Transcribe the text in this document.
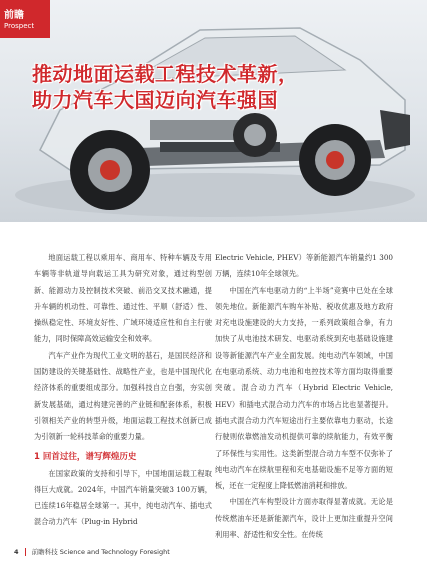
前瞻
Prospect
推动地面运载工程技术革新，
助力汽车大国迈向汽车强国

地面运载工程以乘用车、商用车、特种车辆及专用车辆等非轨道导向载运工具为研究对象，通过构型创新、能源动力及控制技术突破、前沿交叉技术融通，提升车辆的机动性、可靠性、通过性、平顺（舒适）性、操纵稳定性、环境友好性、广域环境适应性和自主行驶能力，同时保障高效运输安全和效率。

汽车产业作为现代工业文明的基石，是国民经济和国防建设的关键基础性、战略性产业，也是中国现代化经济体系的重要组成部分。加强科技自立自强，夯实创新发展基础，通过构建完善的产业链和配套体系，积极引领相关产业的转型升级，地面运载工程技术创新已成为引领新一轮科技革命的重要力量。

1 回首过往，谱写辉煌历史

在国家政策的支持和引导下，中国地面运载工程取得巨大成就。2024年，中国汽车销量突破3 100万辆，已连续16年稳居全球第一。其中，纯电动汽车、插电式混合动力汽车（Plug-in Hybrid

Electric Vehicle, PHEV）等新能源汽车销量约1 300万辆，连续10年全球领先。

中国在汽车电驱动力的“上半场”竞赛中已处在全球领先地位。新能源汽车购车补贴、税收优惠及地方政府对充电设施建设的大力支持，一系列政策组合拳，有力加快了从电池技术研发、电驱动系统到充电基础设施建设等新能源汽车产业全面发展。纯电动汽车领域，中国在电驱动系统、动力电池和电控技术等方面均取得重要突破。混合动力汽车（Hybrid Electric Vehicle, HEV）和插电式混合动力汽车的市场占比也显著提升。插电式混合动力汽车短途出行主要依靠电力驱动，长途行驶则依靠燃油发动机提供可靠的续航能力，有效平衡了环保性与实用性。这类新型混合动力车型不仅弥补了纯电动汽车在续航里程和充电基础设施不足等方面的短板，还在一定程度上降低燃油消耗和排放。

中国在汽车构型设计方面亦取得显著成就。无论是传统燃油车还是新能源汽车，设计上更加注重提升空间利用率、舒适性和安全性。在传统

4 前瞻科技 Science and Technology Foresight
